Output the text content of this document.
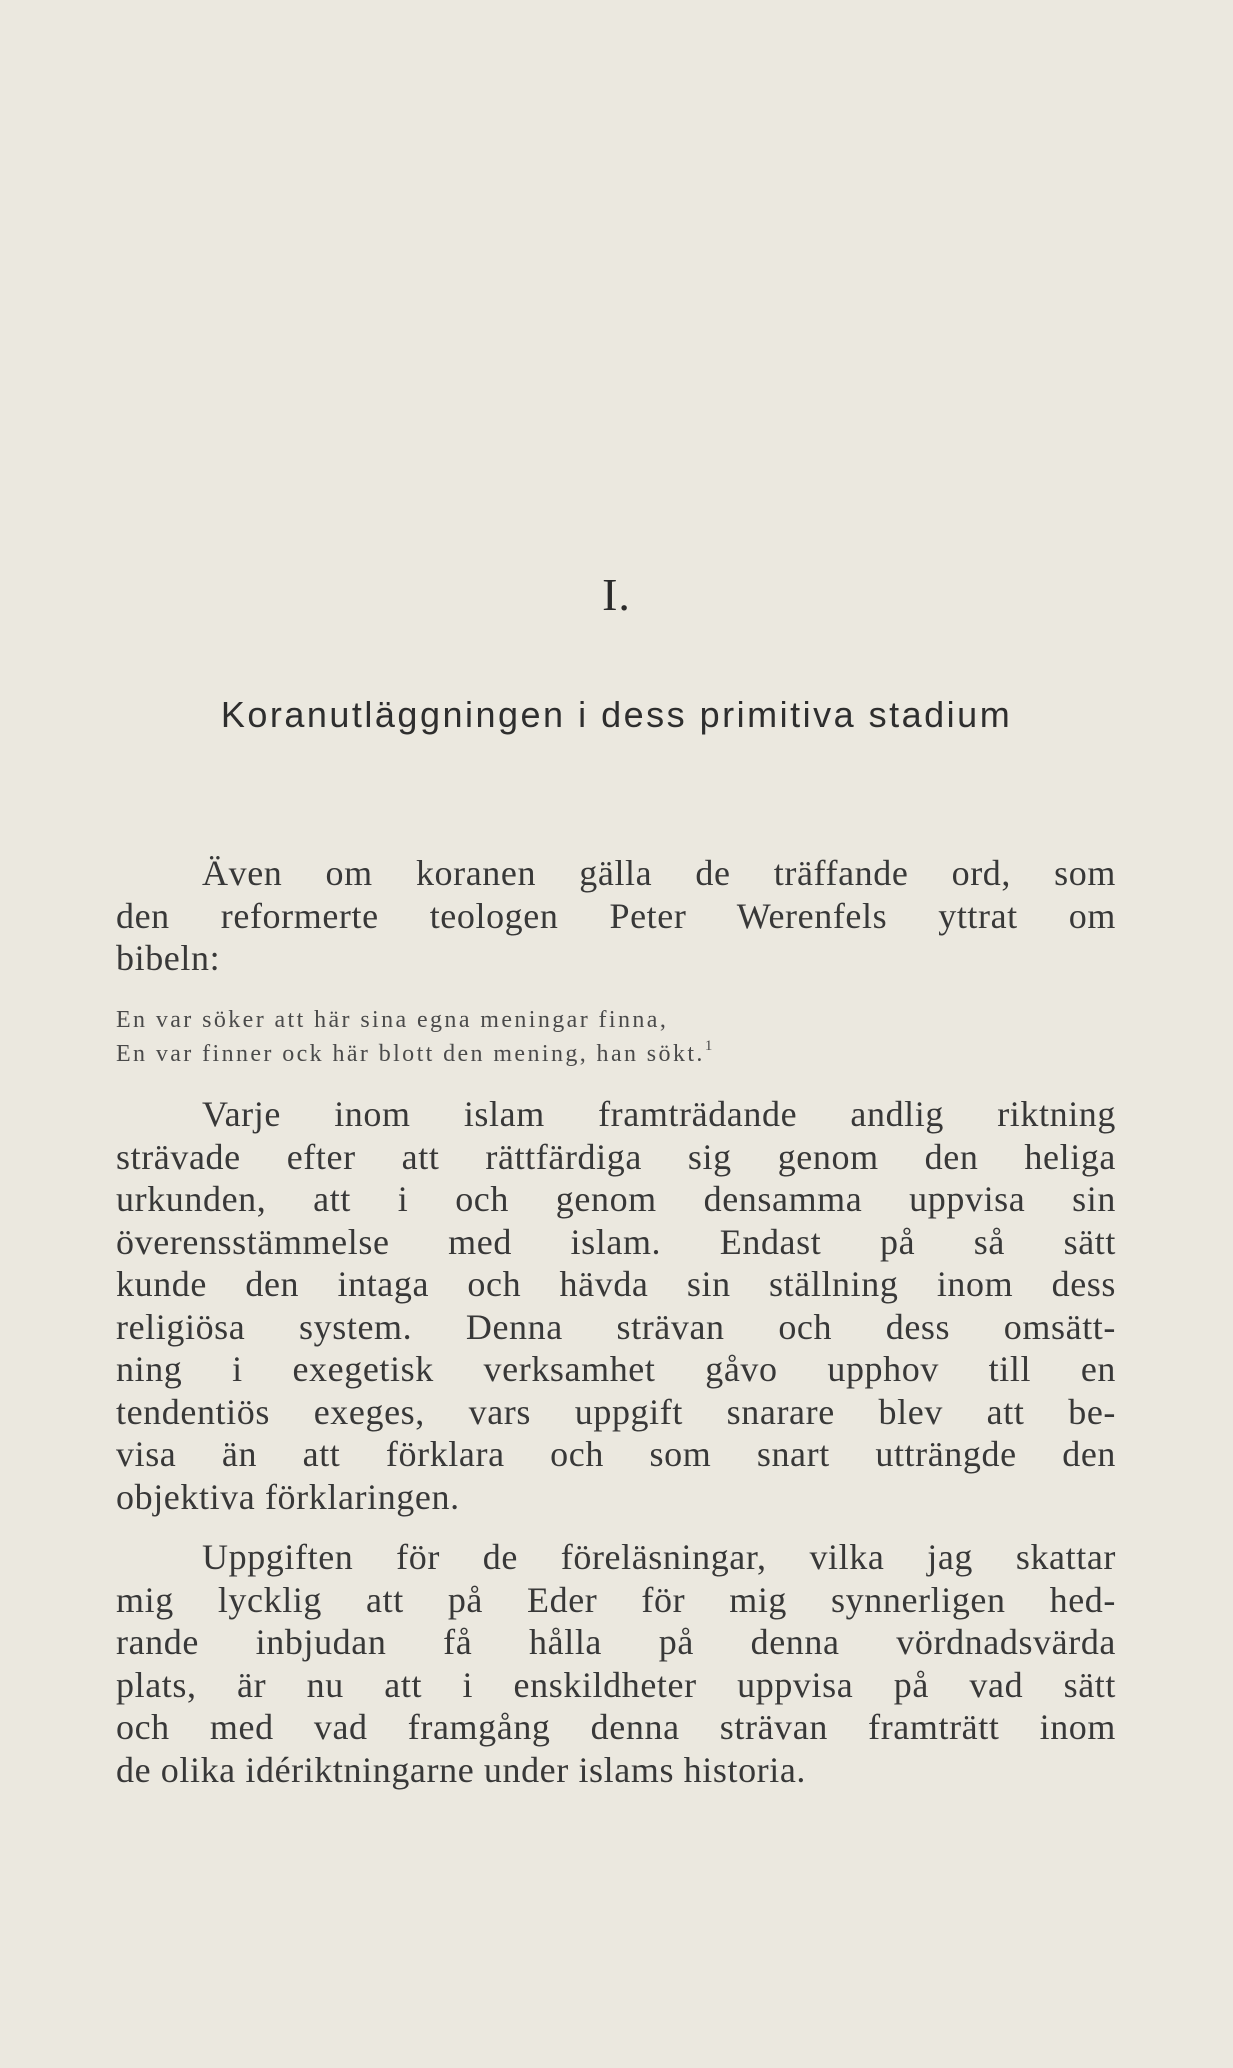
I.
Koranutläggningen i dess primitiva stadium
Även om koranen gälla de träffande ord, som
den reformerte teologen Peter Werenfels yttrat om
bibeln:
En var söker att här sina egna meningar finna,
En var finner ock här blott den mening, han sökt.$^1$
Varje inom islam framträdande andlig riktning
strävade efter att rättfärdiga sig genom den heliga
urkunden, att i och genom densamma uppvisa sin
överensstämmelse med islam. Endast på så sätt
kunde den intaga och hävda sin ställning inom dess
religiösa system. Denna strävan och dess omsätt-
ning i exegetisk verksamhet gåvo upphov till en
tendentiös exeges, vars uppgift snarare blev att be-
visa än att förklara och som snart utträngde den
objektiva förklaringen.
Uppgiften för de föreläsningar, vilka jag skattar
mig lycklig att på Eder för mig synnerligen hed-
rande inbjudan få hålla på denna vördnadsvärda
plats, är nu att i enskildheter uppvisa på vad sätt
och med vad framgång denna strävan framträtt inom
de olika idériktningarne under islams historia.
